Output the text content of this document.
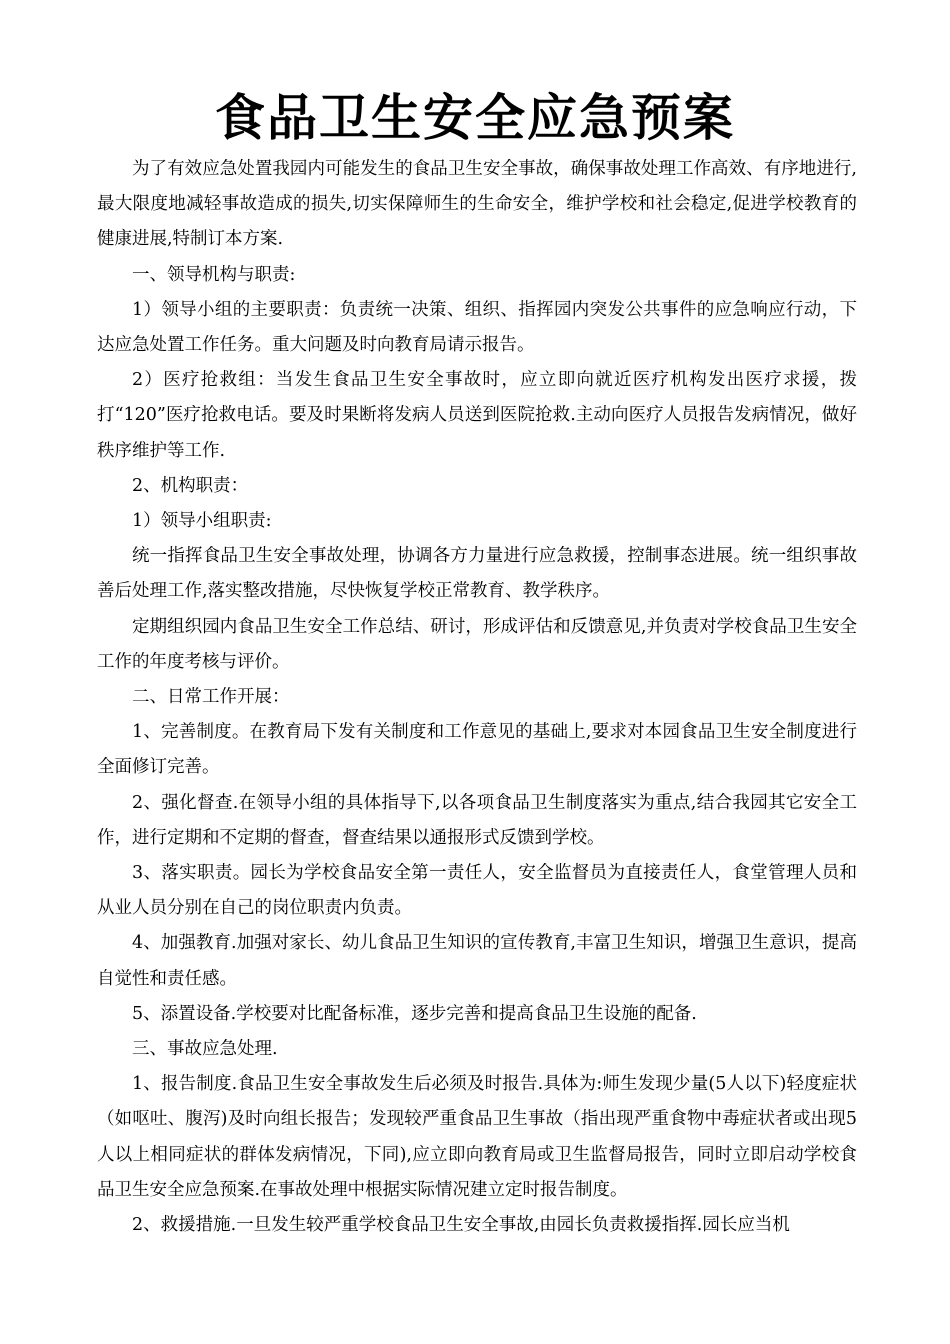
食品卫生安全应急预案

为了有效应急处置我园内可能发生的食品卫生安全事故，确保事故处理工作高效、有序地进行,最大限度地减轻事故造成的损失,切实保障师生的生命安全，维护学校和社会稳定,促进学校教育的健康进展,特制订本方案.

一、领导机构与职责:

1）领导小组的主要职责：负责统一决策、组织、指挥园内突发公共事件的应急响应行动，下达应急处置工作任务。重大问题及时向教育局请示报告。

2）医疗抢救组：当发生食品卫生安全事故时，应立即向就近医疗机构发出医疗求援，拨打“120”医疗抢救电话。要及时果断将发病人员送到医院抢救.主动向医疗人员报告发病情况，做好秩序维护等工作.

2、机构职责：

1）领导小组职责:

统一指挥食品卫生安全事故处理，协调各方力量进行应急救援，控制事态进展。统一组织事故善后处理工作,落实整改措施，尽快恢复学校正常教育、教学秩序。

定期组织园内食品卫生安全工作总结、研讨，形成评估和反馈意见,并负责对学校食品卫生安全工作的年度考核与评价。

二、日常工作开展：

1、完善制度。在教育局下发有关制度和工作意见的基础上,要求对本园食品卫生安全制度进行全面修订完善。

2、强化督查.在领导小组的具体指导下,以各项食品卫生制度落实为重点,结合我园其它安全工作，进行定期和不定期的督查，督查结果以通报形式反馈到学校。

3、落实职责。园长为学校食品安全第一责任人，安全监督员为直接责任人，食堂管理人员和从业人员分别在自己的岗位职责内负责。

4、加强教育.加强对家长、幼儿食品卫生知识的宣传教育,丰富卫生知识，增强卫生意识，提高自觉性和责任感。

5、添置设备.学校要对比配备标准，逐步完善和提高食品卫生设施的配备.

三、事故应急处理.

1、报告制度.食品卫生安全事故发生后必须及时报告.具体为:师生发现少量(5人以下)轻度症状（如呕吐、腹泻)及时向组长报告；发现较严重食品卫生事故（指出现严重食物中毒症状者或出现5人以上相同症状的群体发病情况，下同),应立即向教育局或卫生监督局报告，同时立即启动学校食品卫生安全应急预案.在事故处理中根据实际情况建立定时报告制度。

2、救援措施.一旦发生较严重学校食品卫生安全事故,由园长负责救援指挥.园长应当机
